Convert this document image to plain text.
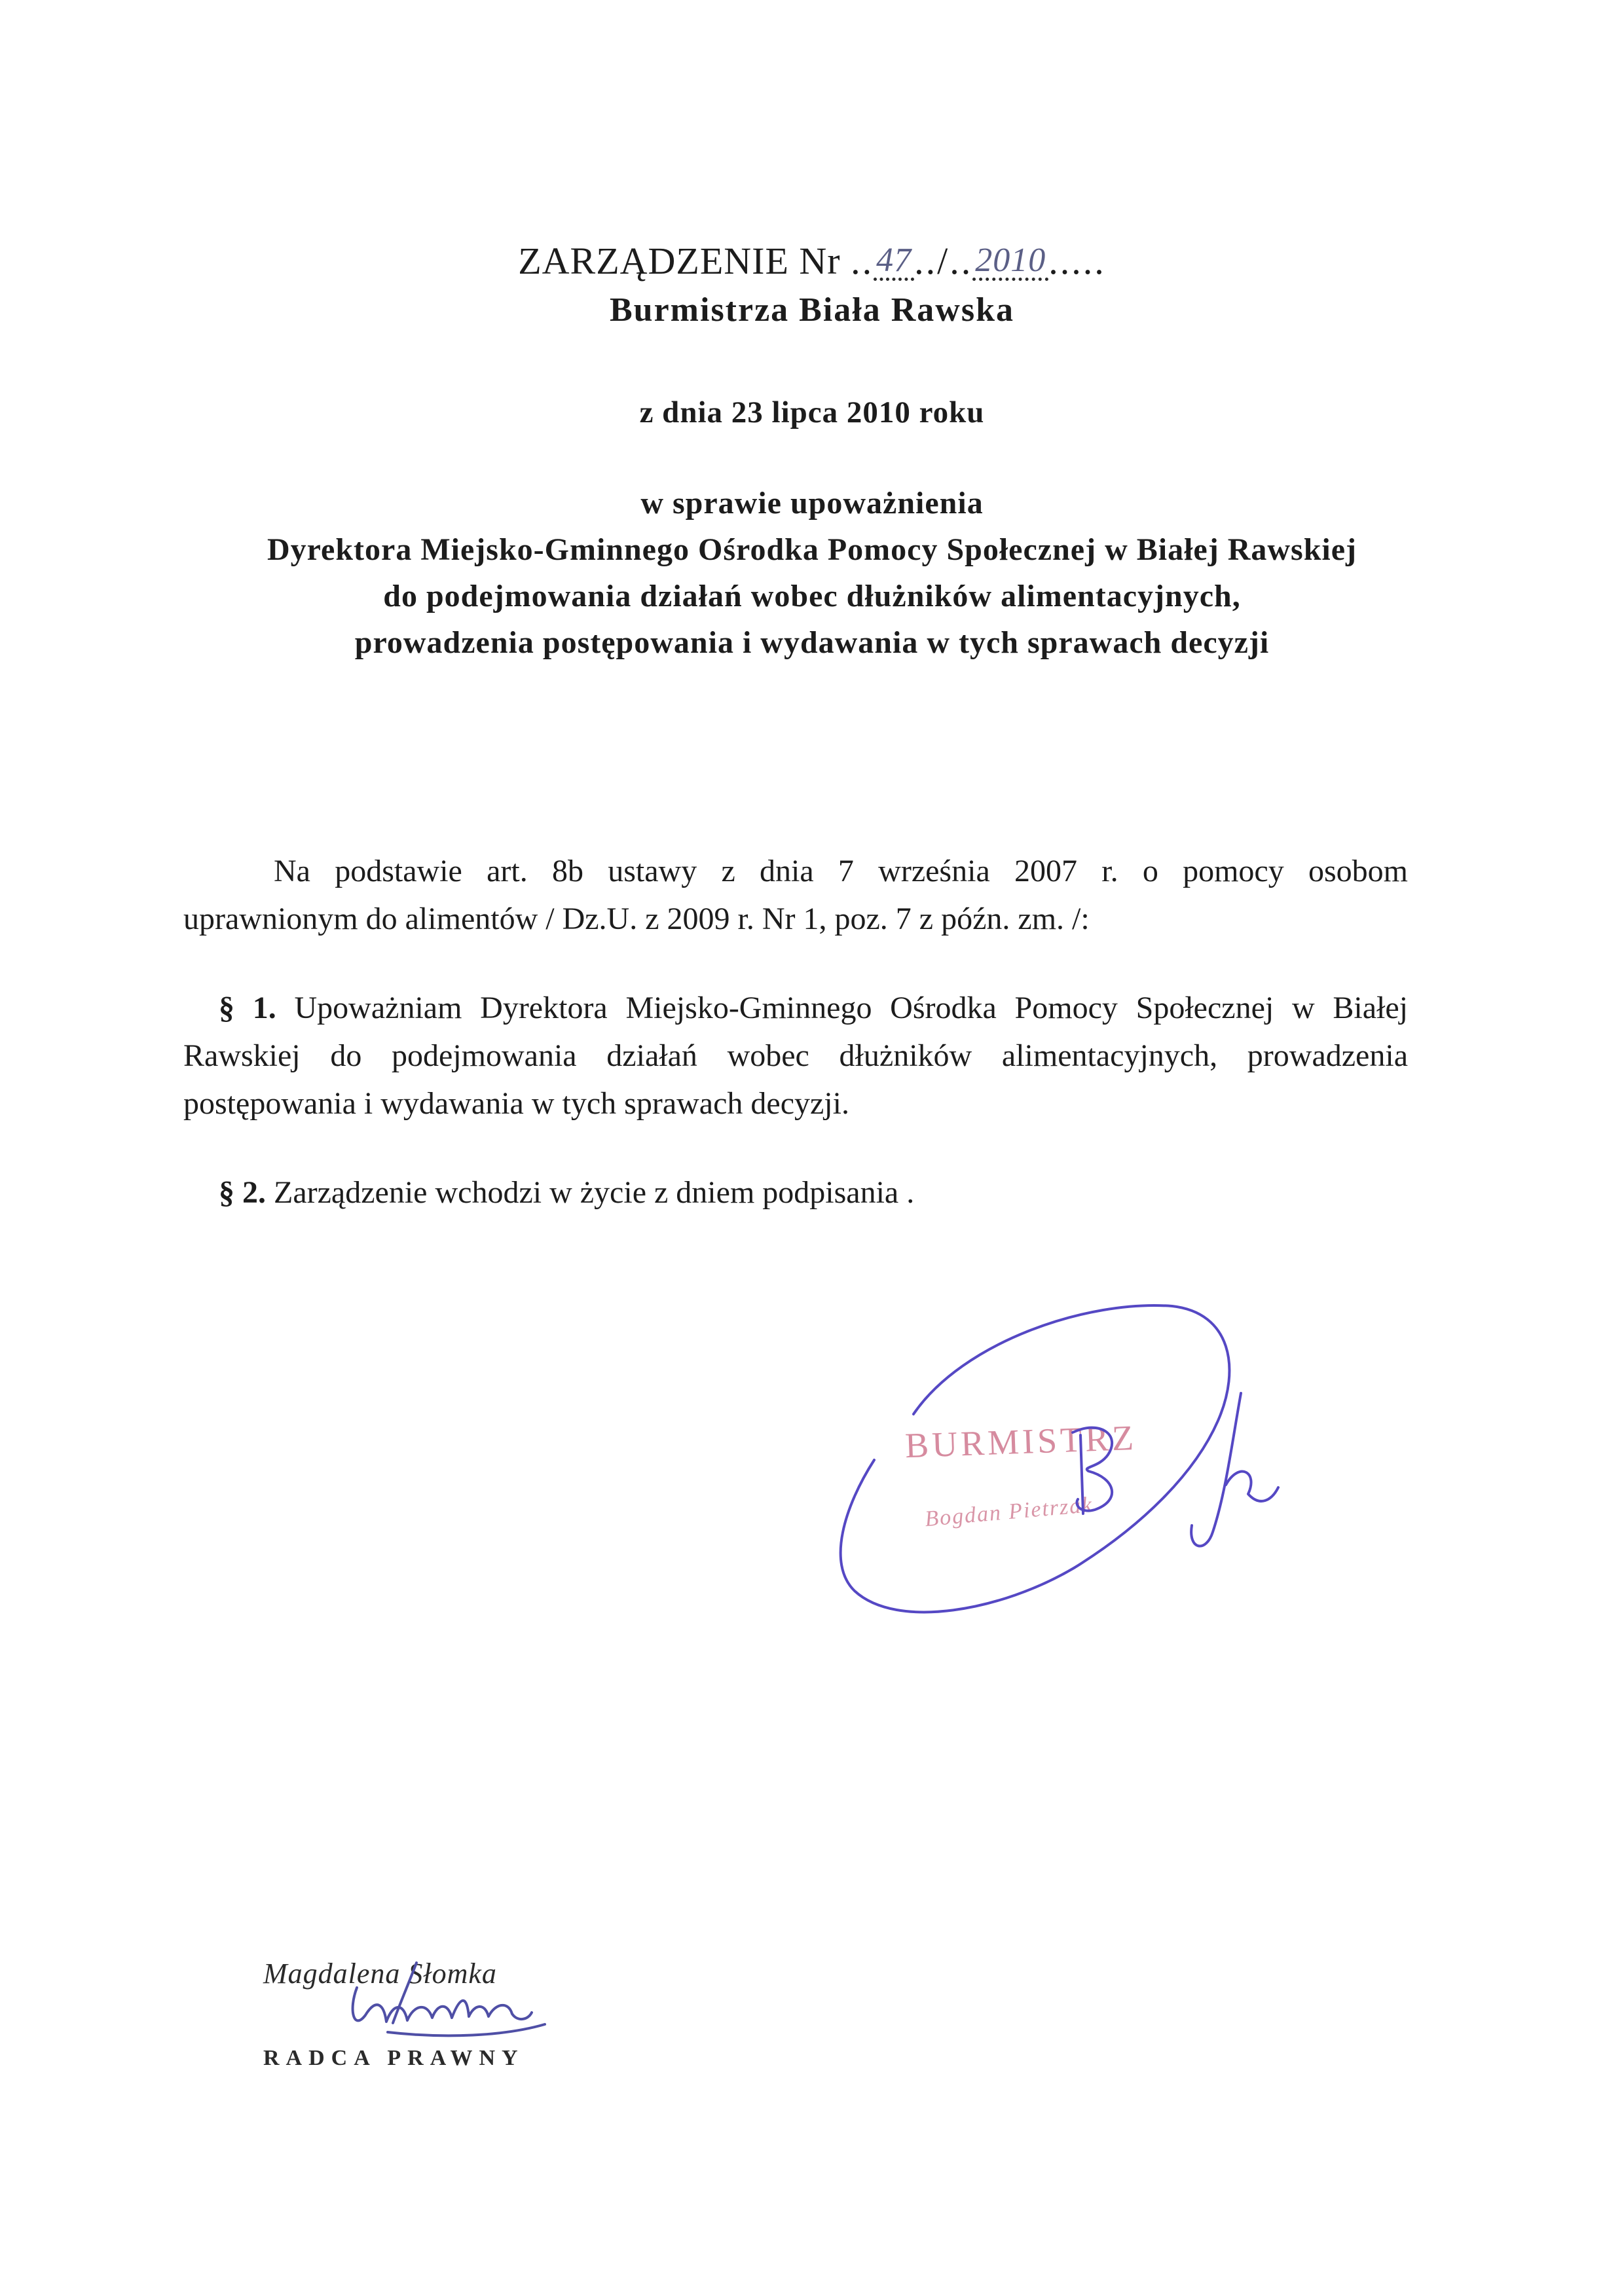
ZARZĄDZENIE Nr ..47../..2010.....
Burmistrza Biała Rawska
z dnia 23 lipca 2010 roku
w sprawie upoważnienia
Dyrektora Miejsko-Gminnego Ośrodka Pomocy Społecznej w Białej Rawskiej
do podejmowania działań wobec dłużników alimentacyjnych,
prowadzenia postępowania i wydawania w tych sprawach decyzji
Na podstawie art. 8b ustawy z dnia 7 września 2007 r. o pomocy osobom
uprawnionym do alimentów / Dz.U. z 2009 r. Nr 1, poz. 7 z późn. zm. /:
§ 1. Upoważniam Dyrektora Miejsko-Gminnego Ośrodka Pomocy Społecznej w Białej
Rawskiej do podejmowania działań wobec dłużników alimentacyjnych, prowadzenia
postępowania i wydawania w tych sprawach decyzji.
§ 2. Zarządzenie wchodzi w życie z dniem podpisania .
BURMISTRZ
Bogdan Pietrzak
Magdalena Słomka
RADCA PRAWNY
